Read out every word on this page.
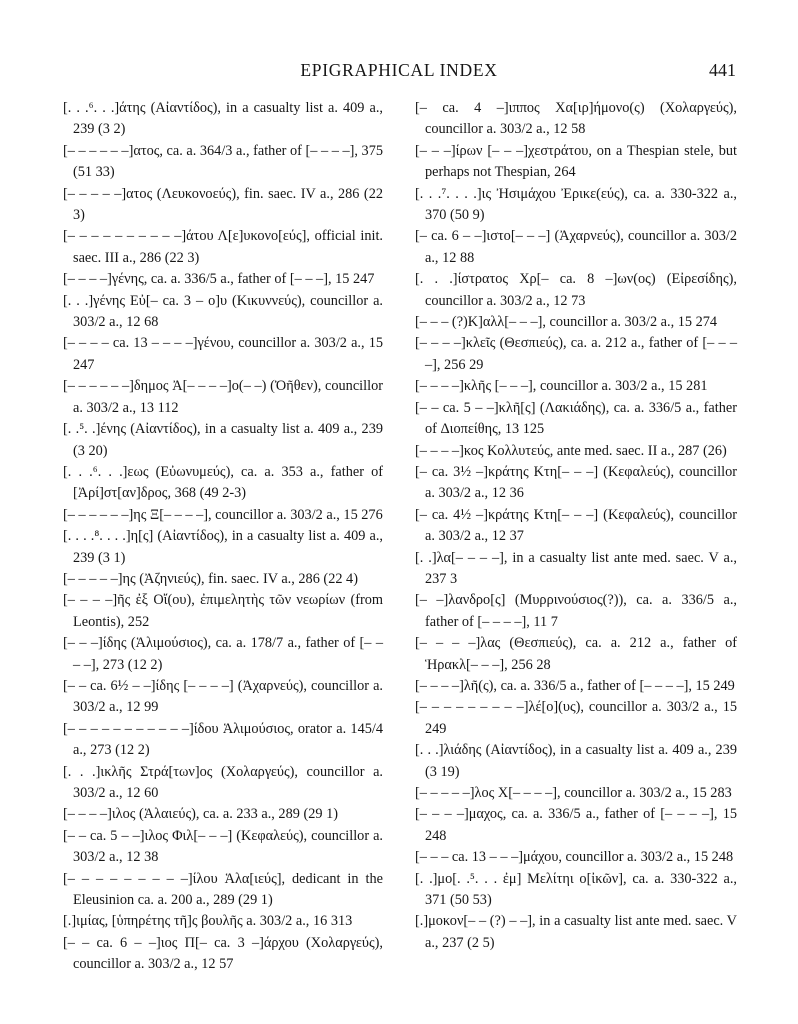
EPIGRAPHICAL INDEX	441

[. . .⁶. . .]άτης (Αἰαντίδος), in a casualty list a. 409 a., 239 (3 2)

[– – – – – –]ατος, ca. a. 364/3 a., father of [– – – –], 375 (51 33)

[– – – – –]ατος (Λευκονοεύς), fin. saec. IV a., 286 (22 3)

[– – – – – – – – – –]άτου Λ[ε]υκονο[εύς], official init. saec. III a., 286 (22 3)

[– – – –]γένης, ca. a. 336/5 a., father of [– – –], 15 247

[. . .]γένης Εὐ[– ca. 3 – ο]υ (Κικυννεύς), councillor a. 303/2 a., 12 68

[– – – – ca. 13 – – – –]γένου, councillor a. 303/2 a., 15 247

[– – – – – –]δημος Ἀ[– – – –]ο(– –) (Ὀῆθεν), councillor a. 303/2 a., 13 112

[. .⁵. .]ένης (Αἰαντίδος), in a casualty list a. 409 a., 239 (3 20)

[. . .⁶. . .]εως (Εὐωνυμεύς), ca. a. 353 a., father of [Ἀρί]στ[αν]δρος, 368 (49 2-3)

[– – – – – –]ης Ξ[– – – –], councillor a. 303/2 a., 15 276

[. . . .⁸. . . .]η[ς] (Αἰαντίδος), in a casualty list a. 409 a., 239 (3 1)

[– – – – –]ης (Ἀζηνιεύς), fin. saec. IV a., 286 (22 4)

[– – – –]ῆς ἐξ Οἴ(ου), ἐπιμελητὴς τῶν νεωρίων (from Leontis), 252

[– – –]ίδης (Ἁλιμούσιος), ca. a. 178/7 a., father of [– – – –], 273 (12 2)

[– – ca. 6½ – –]ίδης [– – – –] (Ἀχαρνεύς), councillor a. 303/2 a., 12 99

[– – – – – – – – – – –]ίδου Ἁλιμούσιος, orator a. 145/4 a., 273 (12 2)

[. . .]ικλῆς Στρά[των]ος (Χολαργεύς), councillor a. 303/2 a., 12 60

[– – – –]ιλος (Ἁλαιεύς), ca. a. 233 a., 289 (29 1)

[– – ca. 5 – –]ιλος Φιλ[– – –] (Κεφαλεύς), councillor a. 303/2 a., 12 38

[– – – – – – – – –]ίλου Ἁλα[ιεύς], dedicant in the Eleusinion ca. a. 200 a., 289 (29 1)

[.]ιμίας, [ὑπηρέτης τῆ]ς βουλῆς a. 303/2 a., 16 313

[– – ca. 6 – –]ιος Π[– ca. 3 –]άρχου (Χολαργεύς), councillor a. 303/2 a., 12 57

[– ca. 4 –]ιππος Χα[ιρ]ήμονο(ς) (Χολαργεύς), councillor a. 303/2 a., 12 58

[– – –]ίρων [– – –]χεστράτου, on a Thespian stele, but perhaps not Thespian, 264

[. . .⁷. . . .]ις Ἠσιμάχου Ἐρικε(εύς), ca. a. 330-322 a., 370 (50 9)

[– ca. 6 – –]ιστο[– – –] (Ἀχαρνεύς), councillor a. 303/2 a., 12 88

[. . .]ίστρατος Χρ[– ca. 8 –]ων(ος) (Εἰρεσίδης), councillor a. 303/2 a., 12 73

[– – – (?)Κ]αλλ[– – –], councillor a. 303/2 a., 15 274

[– – – –]κλεῖς (Θεσπιεύς), ca. a. 212 a., father of [– – – –], 256 29

[– – – –]κλῆς [– – –], councillor a. 303/2 a., 15 281

[– – ca. 5 – –]κλῆ[ς] (Λακιάδης), ca. a. 336/5 a., father of Διοπείθης, 13 125

[– – – –]κος Κολλυτεύς, ante med. saec. II a., 287 (26)

[– ca. 3½ –]κράτης Κτη[– – –] (Κεφαλεύς), councillor a. 303/2 a., 12 36

[– ca. 4½ –]κράτης Κτη[– – –] (Κεφαλεύς), councillor a. 303/2 a., 12 37

[. .]λα[– – – –], in a casualty list ante med. saec. V a., 237 3

[– –]λανδρο[ς] (Μυρρινούσιος(?)), ca. a. 336/5 a., father of [– – – –], 11 7

[– – – –]λας (Θεσπιεύς), ca. a. 212 a., father of Ἡρακλ[– – –], 256 28

[– – – –]λῆ(ς), ca. a. 336/5 a., father of [– – – –], 15 249

[– – – – – – – – –]λέ[ο](υς), councillor a. 303/2 a., 15 249

[. . .]λιάδης (Αἰαντίδος), in a casualty list a. 409 a., 239 (3 19)

[– – – – –]λος Χ[– – – –], councillor a. 303/2 a., 15 283

[– – – –]μαχος, ca. a. 336/5 a., father of [– – – –], 15 248

[– – – ca. 13 – – –]μάχου, councillor a. 303/2 a., 15 248

[. .]μο[. .⁵. . . ἐμ] Μελίτηι ο[ἰκῶν], ca. a. 330-322 a., 371 (50 53)

[.]μοκον[– – (?) – –], in a casualty list ante med. saec. V a., 237 (2 5)
